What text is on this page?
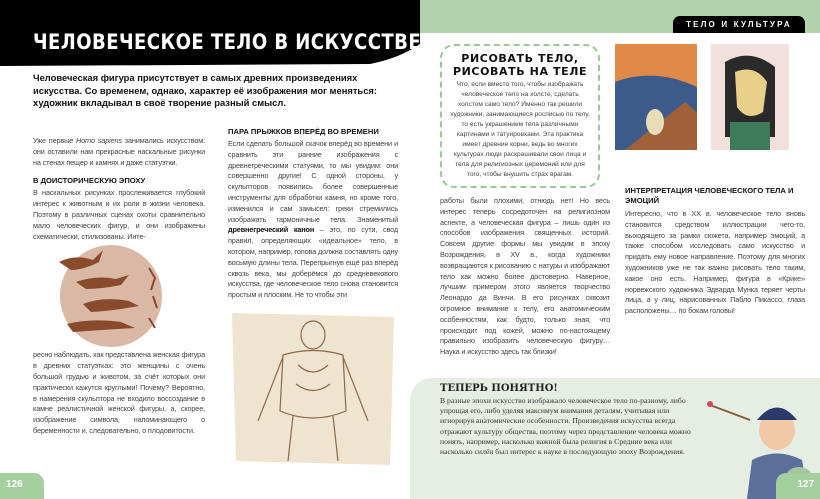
ЧЕЛОВЕЧЕСКОЕ ТЕЛО В ИСКУССТВЕ
ТЕЛО И КУЛЬТУРА
Человеческая фигура присутствует в самых древних произведениях искусства. Со временем, однако, характер её изображения мог меняться: художник вкладывал в своё творение разный смысл.
Уже первые Homo sapiens занимались искусством: они оставили нам прекрасные наскальные рисунки на стенах пещер и камнях и даже статуэтки.
В ДОИСТОРИЧЕСКУЮ ЭПОХУ
В наскальных рисунках прослеживается глубокий интерес к животным и их роли в жизни человека. Поэтому в различных сценах охоты сравнительно мало человеческих фигур, и они изображены схематически, стилизованы. Инте-
ресно наблюдать, как представлена женская фигура в древних статуэтках: это женщины с очень большой грудью и животом, за счёт которых они практически кажутся круглыми! Почему? Вероятно, в намерения скульптора не входило воссоздание в камне реалистичной женской фигуры, а, скорее, изображение символа, напоминающего о беременности и, следовательно, о плодовитости.
ПАРА ПРЫЖКОВ ВПЕРЁД ВО ВРЕМЕНИ
Если сделать большой скачок вперёд во времени и сравнить эти ранние изображения с древнегреческими статуями, то мы увидим: они совершенно другие! С одной стороны, у скульпторов появились более совершенные инструменты для обработки камня, но кроме того, изменился и сам замысел: греки стремились изображать гармоничные тела. Знаменитый древнегреческий канон – это, по сути, свод правил, определяющих «идеальное» тело, в котором, например, голова должна составлять одну восьмую длины тела. Перепрыгнув ещё раз вперёд сквозь века, мы доберёмся до средневекового искусства, где человеческое тело снова становится простым и плоским. Не то чтобы эти
РИСОВАТЬ ТЕЛО, РИСОВАТЬ НА ТЕЛЕ
Что, если вместо того, чтобы изображать человеческое тело на холсте, сделать холстом само тело? Именно так решили художники, занимающиеся росписью по телу, то есть украшением тела различными картинами и татуировками. Эта практика имеет древние корни, ведь во многих культурах люди раскрашивали свои лица и тела для религиозных церемоний или для того, чтобы внушить страх врагам.
работы были плохими, отнюдь нет! Но весь интерес теперь сосредоточен на религиозном аспекте, а человеческая фигура – лишь один из способов изображения священных историй. Совсем другие формы мы увидим в эпоху Возрождения, в XV в., когда художники возвращаются к рисованию с натуры и изображают тело как можно более достоверно. Наверное, лучшим примером этого является творчество Леонардо да Винчи. В его рисунках сквозит огромное внимание к телу, его анатомическим особенностям, как будто, только зная, что происходит под кожей, можно по-настоящему правильно изобразить человеческую фигуру… Наука и искусство здесь так близки!
ИНТЕРПРЕТАЦИЯ ЧЕЛОВЕЧЕСКОГО ТЕЛА И ЭМОЦИЙ
Интересно, что в XX в. человеческое тело вновь становится средством иллюстрации чего-то, выходящего за рамки сюжета, например эмоций, а также способом исследовать само искусство и придать ему новое направление. Поэтому для многих художников уже не так важно рисовать тело таким, какое оно есть. Например, фигура в «Крике» норвежского художника Эдварда Мунка теряет черты лица, а у лиц, нарисованных Пабло Пикассо, глаза расположены… по бокам головы!
ТЕПЕРЬ ПОНЯТНО!
В разные эпохи искусство изображало человеческое тело по-разному, либо упрощая его, либо уделяя максимум внимания деталям, учитывая или игнорируя анатомические особенности. Произведения искусства всегда отражают культуру общества, поэтому через представление человека можно понять, например, насколько важной была религия в Средние века или насколько силён был интерес к науке в последующую эпоху Возрождения.
126	127
